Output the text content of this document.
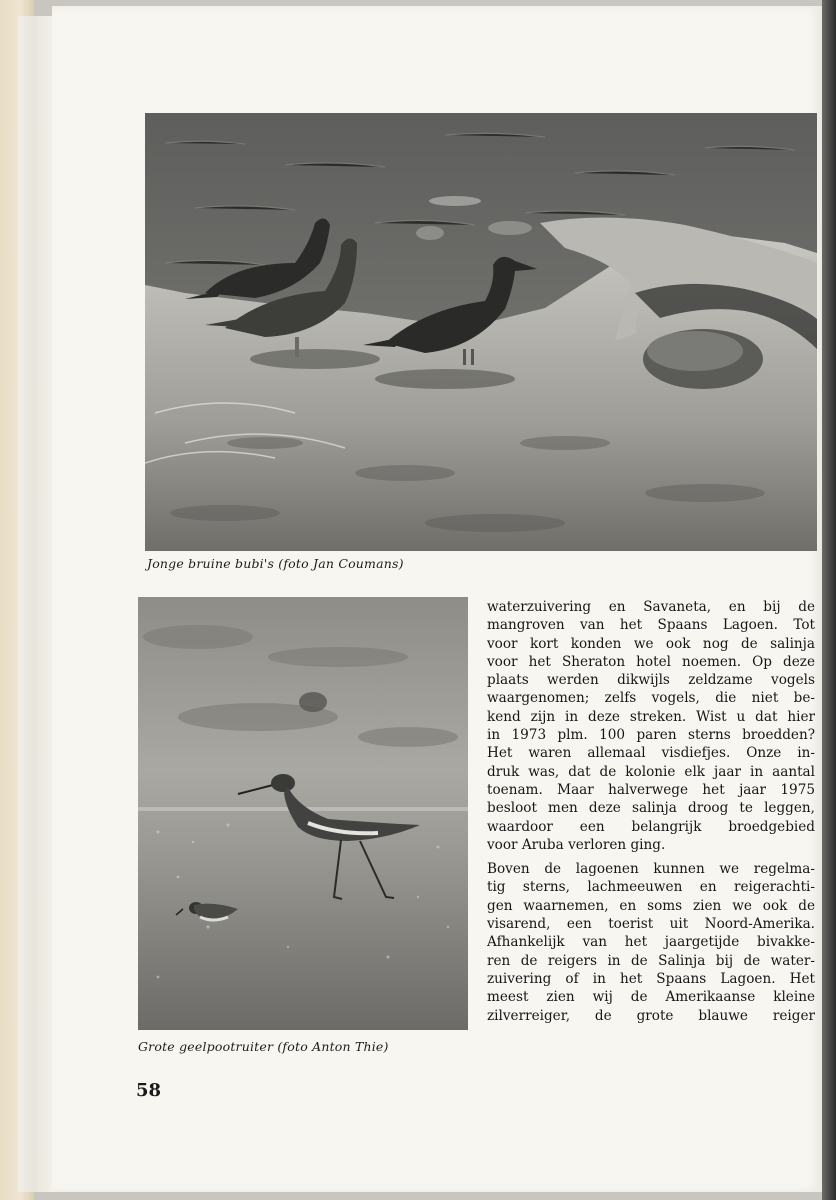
Jonge bruine bubi's (foto Jan Coumans)
Grote geelpootruiter (foto Anton Thie)
waterzuivering en Savaneta, en bij de
mangroven van het Spaans Lagoen. Tot
voor kort konden we ook nog de salinja
voor het Sheraton hotel noemen. Op deze
plaats werden dikwijls zeldzame vogels
waargenomen; zelfs vogels, die niet be-
kend zijn in deze streken. Wist u dat hier
in 1973 plm. 100 paren sterns broedden?
Het waren allemaal visdiefjes. Onze in-
druk was, dat de kolonie elk jaar in aantal
toenam. Maar halverwege het jaar 1975
besloot men deze salinja droog te leggen,
waardoor een belangrijk broedgebied
voor Aruba verloren ging.
Boven de lagoenen kunnen we regelma-
tig sterns, lachmeeuwen en reigerachti-
gen waarnemen, en soms zien we ook de
visarend, een toerist uit Noord-Amerika.
Afhankelijk van het jaargetijde bivakke-
ren de reigers in de Salinja bij de water-
zuivering of in het Spaans Lagoen. Het
meest zien wij de Amerikaanse kleine
zilverreiger, de grote blauwe reiger
58
